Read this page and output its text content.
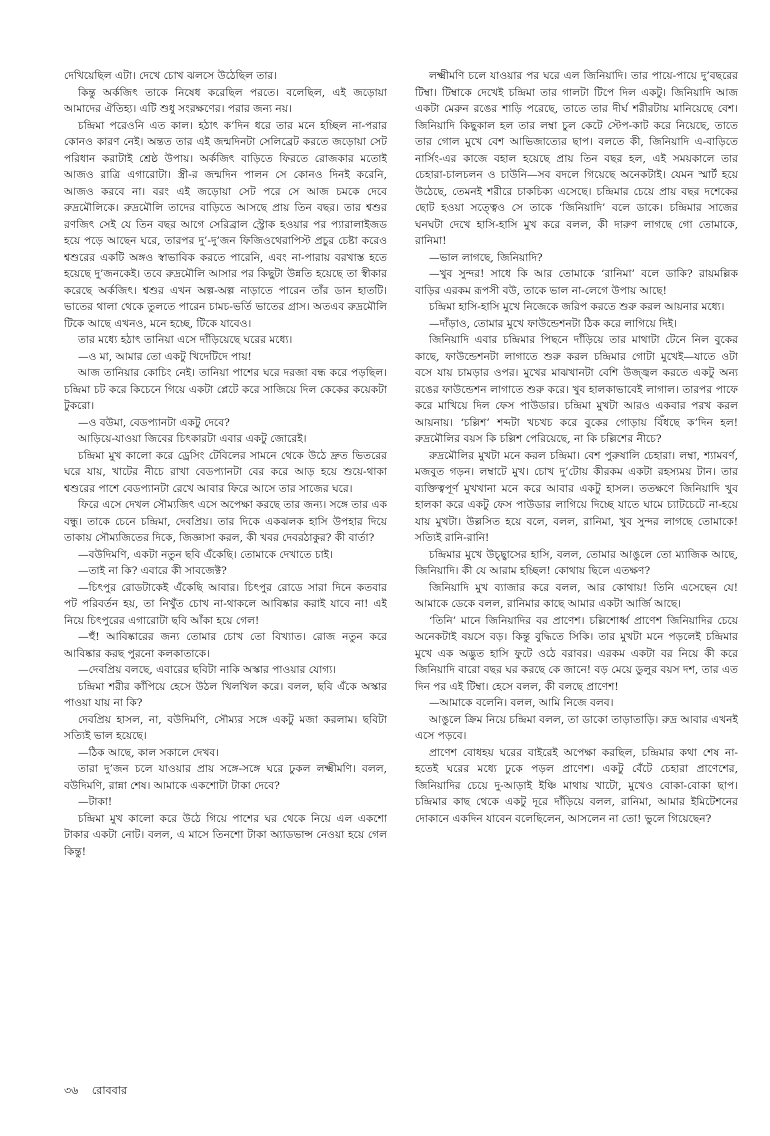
দেখিয়েছিল এটা। দেখে চোখ ঝলসে উঠেছিল তার।

কিন্তু অর্কজিৎ তাকে নিষেধ করেছিল পরতে। বলেছিল, এই জড়োয়া আমাদের ঐতিহ্য। এটি শুধু সংরক্ষণের। পরার জন্য নয়।

চন্দ্রিমা পরেওনি এত কাল। হঠাৎ ক’দিন ধরে তার মনে হচ্ছিল না-পরার কোনও কারণ নেই। অন্তত তার এই জন্মদিনটা সেলিব্রেট করতে জড়োয়া সেট পরিধান করাটাই শ্রেষ্ঠ উপায়। অর্কজিৎ বাড়িতে ফিরতে রোজকার মতোই আজও রাত্রি এগারোটা। স্ত্রী-র জন্মদিন পালন সে কোনও দিনই করেনি, আজও করবে না। বরং এই জড়োয়া সেট পরে সে আজ চমকে দেবে রুদ্রমৌলিকে। রুদ্রমৌলি তাদের বাড়িতে আসছে প্রায় তিন বছর। তার শ্বশুর রণজিৎ সেই যে তিন বছর আগে সেরিব্রাল স্ট্রোক হওয়ার পর প্যারালাইজড হয়ে পড়ে আছেন ঘরে, তারপর দু’-দু’জন ফিজিওথেরাপিস্ট প্রচুর চেষ্টা করেও শ্বশুরের একটি অঙ্গও স্বাভাবিক করতে পারেনি, এবং না-পারায় বরখাস্ত হতে হয়েছে দু’জনকেই। তবে রুদ্রমৌলি আসার পর কিছুটা উন্নতি হয়েছে তা স্বীকার করেছে অর্কজিৎ। শ্বশুর এখন অল্প-অল্প নাড়াতে পারেন তাঁর ডান হাতটি। ভাতের থালা থেকে তুলতে পারেন চামচ-ভর্তি ভাতের গ্রাস। অতএব রুদ্রমৌলি টিকে আছে এখনও, মনে হচ্ছে, টিকে যাবেও।

তার মধ্যে হঠাৎ তানিয়া এসে দাঁড়িয়েছে ঘরের মধ্যে।

—ও মা, আমার তো একটু খিদেটিদে পায়!

আজ তানিয়ার কোচিং নেই। তানিয়া পাশের ঘরে দরজা বন্ধ করে পড়ছিল। চন্দ্রিমা চট করে কিচেনে গিয়ে একটা প্লেটে করে সাজিয়ে দিল কেকের কয়েকটা টুকরো।

—ও বউমা, বেডপ্যানটা একটু দেবে?

আড়িয়ে-যাওয়া জিবের চিৎকারটা এবার একটু জোরেই।

চন্দ্রিমা মুখ কালো করে ড্রেসিং টেবিলের সামনে থেকে উঠে দ্রুত ভিতরের ঘরে যায়, খাটের নীচে রাখা বেডপ্যানটা বের করে আড় হয়ে শুয়ে-থাকা শ্বশুরের পাশে বেডপ্যানটা রেখে আবার ফিরে আসে তার সাজের ঘরে।

ফিরে এসে দেখল সৌম্যজিৎ এসে অপেক্ষা করছে তার জন্য। সঙ্গে তার এক বন্ধু। তাকে চেনে চন্দ্রিমা, দেবপ্রিয়। তার দিকে একঝলক হাসি উপহার দিয়ে তাকায় সৌম্যজিতের দিকে, জিজ্ঞাসা করল, কী খবর দেবরঠাকুর? কী বার্তা?

—বউদিমণি, একটা নতুন ছবি এঁকেছি। তোমাকে দেখাতে চাই।

—তাই না কি? এবারে কী সাবজেক্ট?

—চিৎপুর রোডটাকেই এঁকেছি আবার। চিৎপুর রোডে সারা দিনে কতবার পট পরিবর্তন হয়, তা নিখুঁত চোখ না-থাকলে আবিষ্কার করাই যাবে না! এই নিয়ে চিৎপুরের এগারোটা ছবি আঁকা হয়ে গেল!

—হুঁ! আবিষ্কারের জন্য তোমার চোখ তো বিখ্যাত। রোজ নতুন করে আবিষ্কার করছ পুরনো কলকাতাকে।

—দেবপ্রিয় বলছে, এবারের ছবিটা নাকি অস্কার পাওয়ার যোগ্য।

চন্দ্রিমা শরীর কাঁপিয়ে হেসে উঠল খিলখিল করে। বলল, ছবি এঁকে অস্কার পাওয়া যায় না কি?

দেবপ্রিয় হাসল, না, বউদিমণি, সৌম্যর সঙ্গে একটু মজা করলাম। ছবিটা সত্যিই ভাল হয়েছে।

—ঠিক আছে, কাল সকালে দেখব।

তারা দু’জন চলে যাওয়ার প্রায় সঙ্গে-সঙ্গে ঘরে ঢুকল লক্ষ্মীমণি। বলল, বউদিমণি, রান্না শেষ। আমাকে একশোটা টাকা দেবে?

—টাকা!

চন্দ্রিমা মুখ কালো করে উঠে গিয়ে পাশের ঘর থেকে নিয়ে এল একশো টাকার একটা নোট। বলল, এ মাসে তিনশো টাকা অ্যাডভান্স নেওয়া হয়ে গেল কিন্তু!

লক্ষ্মীমণি চলে যাওয়ার পর ঘরে এল জিনিয়াদি। তার পায়ে-পায়ে দু’বছরের টিম্বা। টিম্বাকে দেখেই চন্দ্রিমা তার গালটা টিপে দিল একটু। জিনিয়াদি আজ একটা মেরুন রঙের শাড়ি পরেছে, তাতে তার দীর্ঘ শরীরটায় মানিয়েছে বেশ। জিনিয়াদি কিছুকাল হল তার লম্বা চুল কেটে স্টেপ-কাট করে নিয়েছে, তাতে তার গোল মুখে বেশ আভিজাত্যের ছাপ। বলতে কী, জিনিয়াদি এ-বাড়িতে নার্সিং-এর কাজে বহাল হয়েছে প্রায় তিন বছর হল, এই সময়কালে তার চেহারা-চালচলন ও চাউনি—সব বদলে গিয়েছে অনেকটাই। যেমন স্মার্ট হয়ে উঠেছে, তেমনই শরীরে চাকচিক্য এসেছে। চন্দ্রিমার চেয়ে প্রায় বছর দশেকের ছোট হওয়া সত্ত্বেও সে তাকে ‘জিনিয়াদি’ বলে ডাকে। চন্দ্রিমার সাজের ঘনঘটা দেখে হাসি-হাসি মুখ করে বলল, কী দারুণ লাগছে গো তোমাকে, রানিমা!

—ভাল লাগছে, জিনিয়াদি?

—খুব সুন্দর! সাধে কি আর তোমাকে ‘রানিমা’ বলে ডাকি? রায়মল্লিক বাড়ির এরকম রূপসী বউ, তাকে ভাল না-লেগে উপায় আছে!

চন্দ্রিমা হাসি-হাসি মুখে নিজেকে জরিপ করতে শুরু করল আয়নার মধ্যে।

—দাঁড়াও, তোমার মুখে ফাউন্ডেশনটা ঠিক করে লাগিয়ে দিই।

জিনিয়াদি এবার চন্দ্রিমার পিছনে দাঁড়িয়ে তার মাথাটা টেনে নিল বুকের কাছে, ফাউন্ডেশনটা লাগাতে শুরু করল চন্দ্রিমার গোটা মুখেই—যাতে ওটা বসে যায় চামড়ার ওপর। মুখের মাঝখানটা বেশি উজ্জ্বল করতে একটু অন্য রঙের ফাউন্ডেশন লাগাতে শুরু করে। খুব হালকাভাবেই লাগাল। তারপর পাফে করে মাখিয়ে দিল ফেস পাউডার। চন্দ্রিমা মুখটা আরও একবার পরখ করল আয়নায়। ‘চল্লিশ’ শব্দটা খচখচ করে বুকের গোড়ায় বিঁধছে ক’দিন হল! রুদ্রমৌলির বয়স কি চল্লিশ পেরিয়েছে, না কি চল্লিশের নীচে?

রুদ্রমৌলির মুখটা মনে করল চন্দ্রিমা। বেশ পুরুষালি চেহারা। লম্বা, শ্যামবর্ণ, মজবুত গড়ন। লম্বাটে মুখ। চোখ দু’টোয় কীরকম একটা রহস্যময় টান। তার ব্যক্তিত্বপূর্ণ মুখখানা মনে করে আবার একটু হাসল। ততক্ষণে জিনিয়াদি খুব হালকা করে একটু ফেস পাউডার লাগিয়ে দিচ্ছে যাতে ঘামে চ্যাটচেটে না-হয়ে যায় মুখটা। উল্লসিত হয়ে বলে, বলল, রানিমা, খুব সুন্দর লাগছে তোমাকে! সত্যিই রানি-রানি!

চন্দ্রিমার মুখে উচ্ছ্বাসের হাসি, বলল, তোমার আঙুলে তো ম্যাজিক আছে, জিনিয়াদি। কী যে আরাম হচ্ছিল! কোথায় ছিলে এতক্ষণ?

জিনিয়াদি মুখ ব্যাজার করে বলল, আর কোথায়! তিনি এসেছেন যে! আমাকে ডেকে বলল, রানিমার কাছে আমার একটা আর্জি আছে।

‘তিনি’ মানে জিনিয়াদির বর প্রাণেশ। চল্লিশোর্ধ্ব প্রাণেশ জিনিয়াদির চেয়ে অনেকটাই বয়সে বড়। কিন্তু বুদ্ধিতে সিকি। তার মুখটা মনে পড়লেই চন্দ্রিমার মুখে এক অদ্ভুত হাসি ফুটে ওঠে বরাবর। এরকম একটা বর নিয়ে কী করে জিনিয়াদি বারো বছর ঘর করছে কে জানে! বড় মেয়ে ডুলুর বয়স দশ, তার এত দিন পর এই টিম্বা। হেসে বলল, কী বলছে প্রাণেশ!

—আমাকে বলেনি। বলল, আমি নিজে বলব।

আঙুলে ক্রিম নিয়ে চন্দ্রিমা বলল, তা ডাকো তাড়াতাড়ি। রুদ্র আবার এখনই এসে পড়বে।

প্রাণেশ বোধহয় ঘরের বাইরেই অপেক্ষা করছিল, চন্দ্রিমার কথা শেষ না-হতেই ঘরের মধ্যে ঢুকে পড়ল প্রাণেশ। একটু বেঁটে চেহারা প্রাণেশের, জিনিয়াদির চেয়ে দু-আড়াই ইঞ্চি মাথায় খাটো, মুখেও বোকা-বোকা ছাপ। চন্দ্রিমার কাছ থেকে একটু দূরে দাঁড়িয়ে বলল, রানিমা, আমার ইমিটেশনের দোকানে একদিন যাবেন বলেছিলেন, আসলেন না তো! ভুলে গিয়েছেন?

৩৬ রোববার
